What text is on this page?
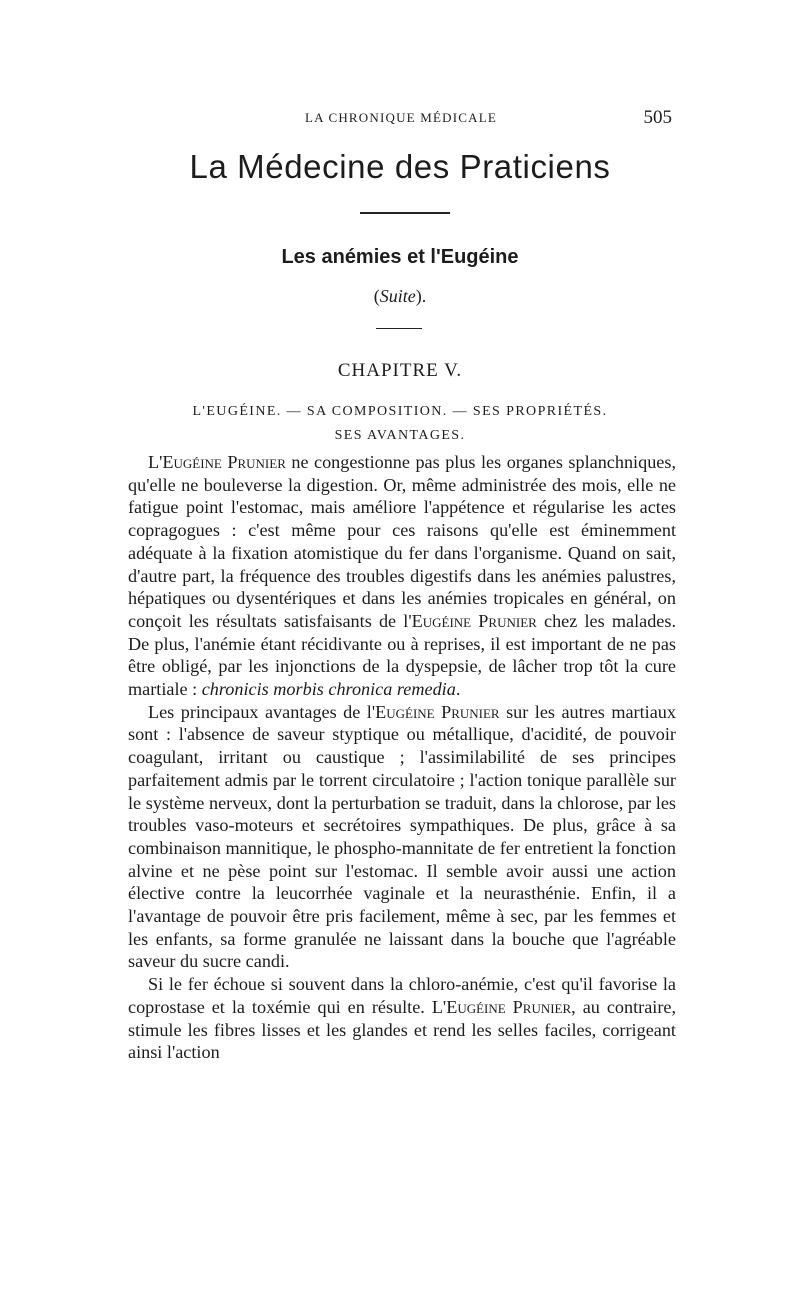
LA CHRONIQUE MÉDICALE	505
La Médecine des Praticiens
Les anémies et l'Eugéine
(Suite).
CHAPITRE V.
L'EUGÉINE. — SA COMPOSITION. — SES PROPRIÉTÉS.
SES AVANTAGES.

L'Eugéine Prunier ne congestionne pas plus les organes splanchniques, qu'elle ne bouleverse la digestion. Or, même administrée des mois, elle ne fatigue point l'estomac, mais améliore l'appétence et régularise les actes copragogues : c'est même pour ces raisons qu'elle est éminemment adéquate à la fixation atomistique du fer dans l'organisme. Quand on sait, d'autre part, la fréquence des troubles digestifs dans les anémies palustres, hépatiques ou dysentériques et dans les anémies tropicales en général, on conçoit les résultats satisfaisants de l'Eugéine Prunier chez les malades. De plus, l'anémie étant récidivante ou à reprises, il est important de ne pas être obligé, par les injonctions de la dyspepsie, de lâcher trop tôt la cure martiale : chronicis morbis chronica remedia.

Les principaux avantages de l'Eugéine Prunier sur les autres martiaux sont : l'absence de saveur styptique ou métallique, d'acidité, de pouvoir coagulant, irritant ou caustique ; l'assimilabilité de ses principes parfaitement admis par le torrent circulatoire ; l'action tonique parallèle sur le système nerveux, dont la perturbation se traduit, dans la chlorose, par les troubles vaso-moteurs et secrétoires sympathiques. De plus, grâce à sa combinaison mannitique, le phospho-mannitate de fer entretient la fonction alvine et ne pèse point sur l'estomac. Il semble avoir aussi une action élective contre la leucorrhée vaginale et la neurasthénie. Enfin, il a l'avantage de pouvoir être pris facilement, même à sec, par les femmes et les enfants, sa forme granulée ne laissant dans la bouche que l'agréable saveur du sucre candi.

Si le fer échoue si souvent dans la chloro-anémie, c'est qu'il favorise la coprostase et la toxémie qui en résulte. L'Eugéine Prunier, au contraire, stimule les fibres lisses et les glandes et rend les selles faciles, corrigeant ainsi l'action
